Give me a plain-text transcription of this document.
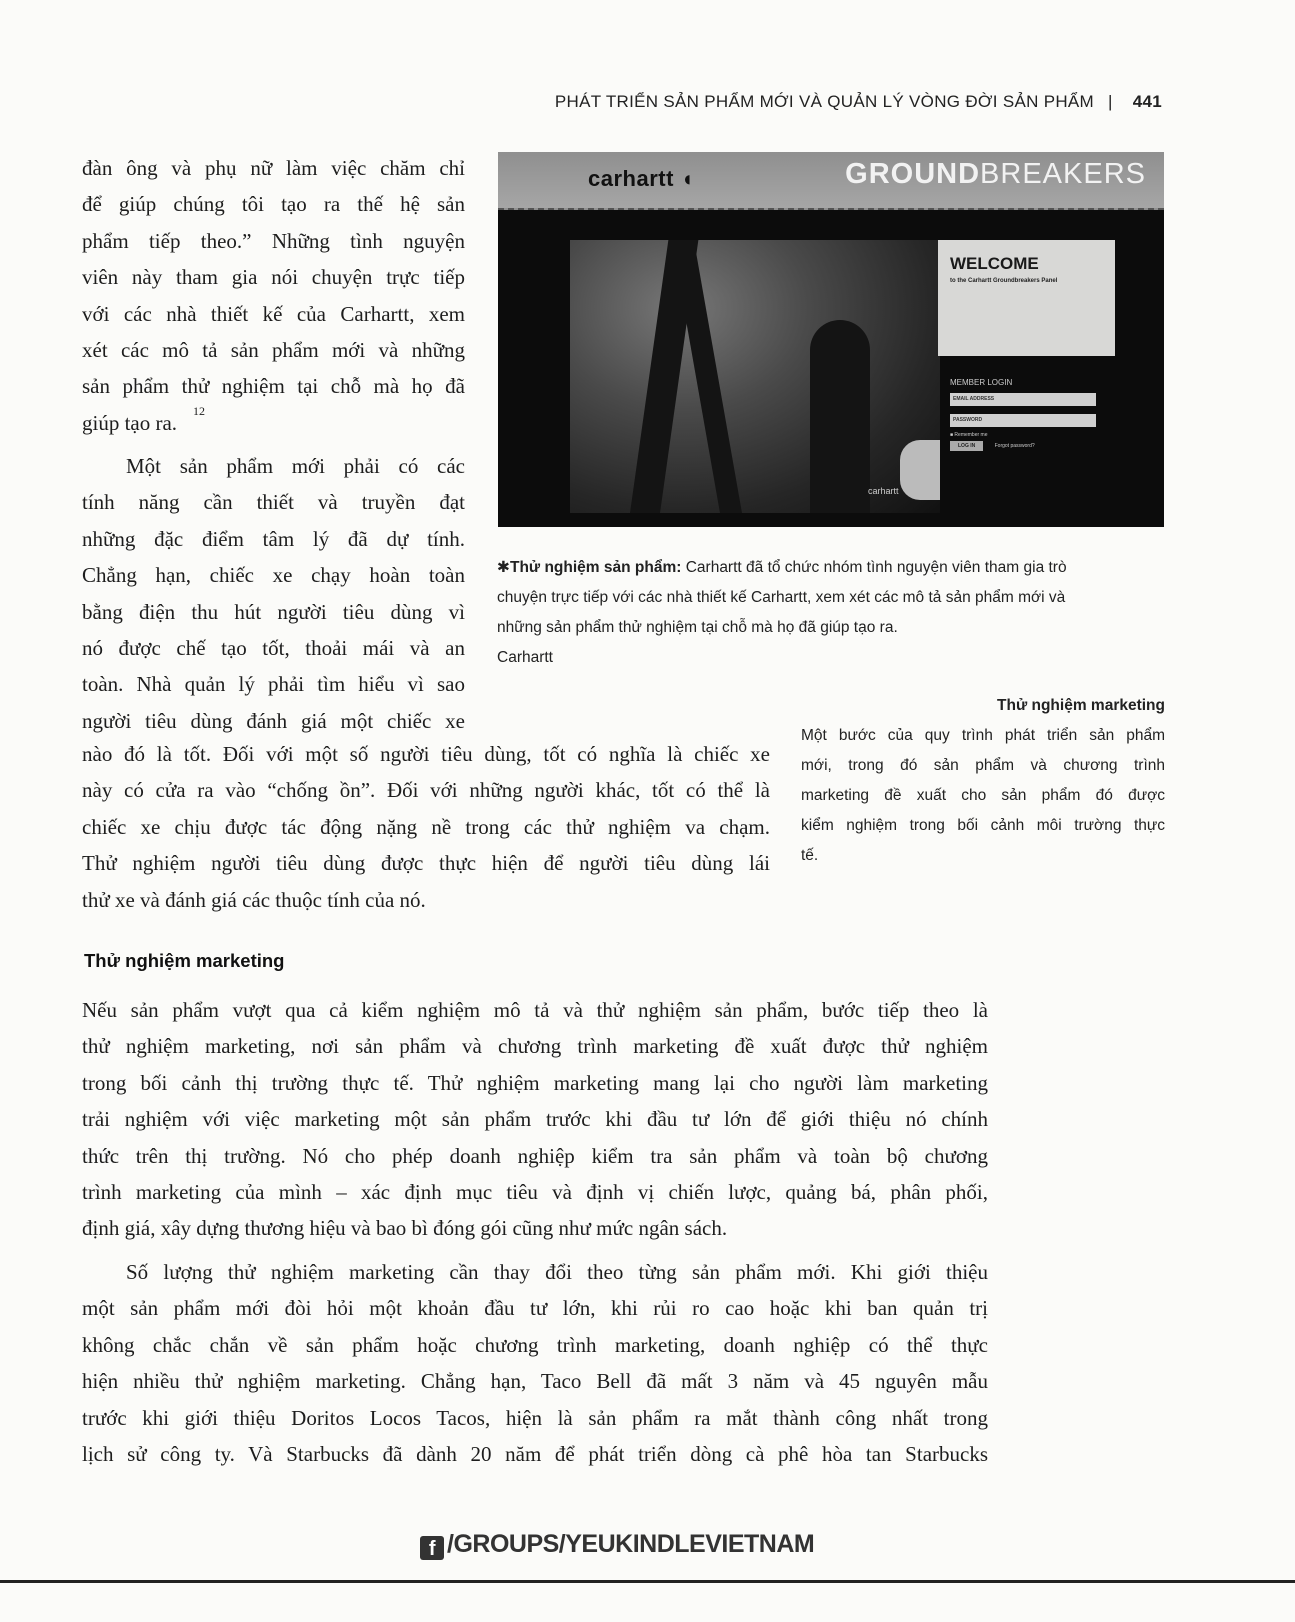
PHÁT TRIỂN SẢN PHẨM MỚI VÀ QUẢN LÝ VÒNG ĐỜI SẢN PHẨM | 441
đàn ông và phụ nữ làm việc chăm chỉ
để giúp chúng tôi tạo ra thế hệ sản
phẩm tiếp theo.” Những tình nguyện
viên này tham gia nói chuyện trực tiếp
với các nhà thiết kế của Carhartt, xem
xét các mô tả sản phẩm mới và những
sản phẩm thử nghiệm tại chỗ mà họ đã
giúp tạo ra.	12
Một sản phẩm mới phải có các
tính năng cần thiết và truyền đạt
những đặc điểm tâm lý đã dự tính.
Chẳng hạn, chiếc xe chạy hoàn toàn
bằng điện thu hút người tiêu dùng vì
nó được chế tạo tốt, thoải mái và an
toàn. Nhà quản lý phải tìm hiểu vì sao
người tiêu dùng đánh giá một chiếc xe
nào đó là tốt. Đối với một số người tiêu dùng, tốt có nghĩa là chiếc xe
này có cửa ra vào “chống ồn”. Đối với những người khác, tốt có thể là
chiếc xe chịu được tác động nặng nề trong các thử nghiệm va chạm.
Thử nghiệm người tiêu dùng được thực hiện để người tiêu dùng lái
thử xe và đánh giá các thuộc tính của nó.
Nếu sản phẩm vượt qua cả kiểm nghiệm mô tả và thử nghiệm sản phẩm, bước tiếp theo là
thử nghiệm marketing, nơi sản phẩm và chương trình marketing đề xuất được thử nghiệm
trong bối cảnh thị trường thực tế. Thử nghiệm marketing mang lại cho người làm marketing
trải nghiệm với việc marketing một sản phẩm trước khi đầu tư lớn để giới thiệu nó chính
thức trên thị trường. Nó cho phép doanh nghiệp kiểm tra sản phẩm và toàn bộ chương
trình marketing của mình – xác định mục tiêu và định vị chiến lược, quảng bá, phân phối,
định giá, xây dựng thương hiệu và bao bì đóng gói cũng như mức ngân sách.
Số lượng thử nghiệm marketing cần thay đổi theo từng sản phẩm mới. Khi giới thiệu
một sản phẩm mới đòi hỏi một khoản đầu tư lớn, khi rủi ro cao hoặc khi ban quản trị
không chắc chắn về sản phẩm hoặc chương trình marketing, doanh nghiệp có thể thực
hiện nhiều thử nghiệm marketing. Chẳng hạn, Taco Bell đã mất 3 năm và 45 nguyên mẫu
trước khi giới thiệu Doritos Locos Tacos, hiện là sản phẩm ra mắt thành công nhất trong
lịch sử công ty. Và Starbucks đã dành 20 năm để phát triển dòng cà phê hòa tan Starbucks
Thử nghiệm marketing
carhartt ◖	GROUNDBREAKERS
carhartt
WELCOME
to the Carhartt Groundbreakers Panel
MEMBER LOGIN
EMAIL ADDRESS
PASSWORD
■ Remember me
LOG IN	Forgot password?
✱Thử nghiệm sản phẩm: Carhartt đã tổ chức nhóm tình nguyện viên tham gia trò
chuyện trực tiếp với các nhà thiết kế Carhartt, xem xét các mô tả sản phẩm mới và
những sản phẩm thử nghiệm tại chỗ mà họ đã giúp tạo ra.
Carhartt
Thử nghiệm marketing
Một bước của quy trình phát triển sản phẩm
mới, trong đó sản phẩm và chương trình
marketing đề xuất cho sản phẩm đó được
kiểm nghiệm trong bối cảnh môi trường thực
tế.
f /GROUPS/YEUKINDLEVIETNAM
